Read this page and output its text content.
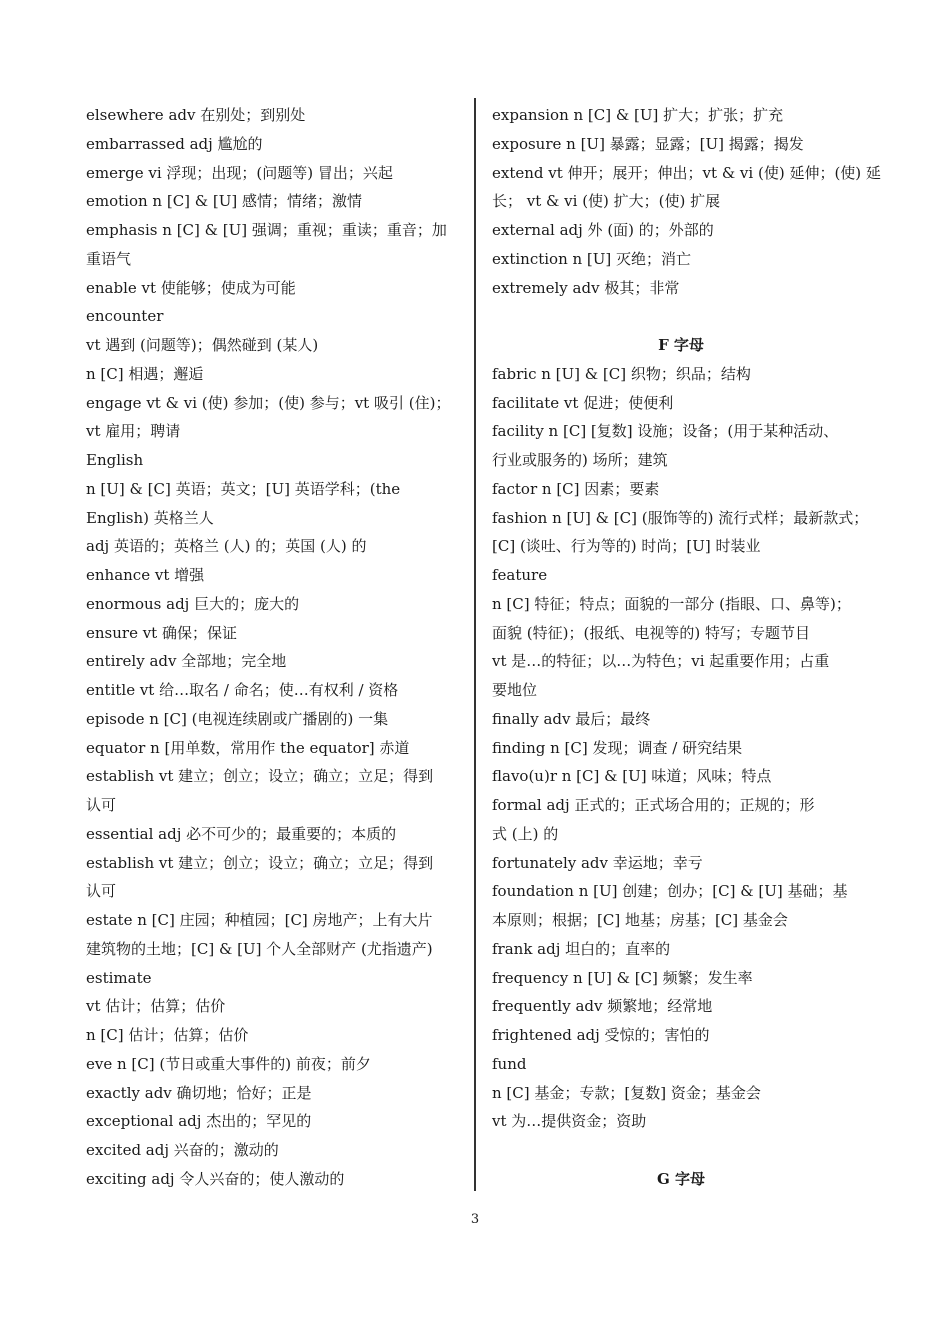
elsewhere adv 在别处；到别处
embarrassed adj 尴尬的
emerge vi 浮现；出现；(问题等) 冒出；兴起
emotion n [C] & [U] 感情；情绪；激情
emphasis n [C] & [U] 强调；重视；重读；重音；加
重语气
enable vt 使能够；使成为可能
encounter
vt 遇到 (问题等)；偶然碰到 (某人)
n [C] 相遇；邂逅
engage vt & vi (使) 参加；(使) 参与；vt 吸引 (住)；
vt 雇用；聘请
English
n [U] & [C] 英语；英文；[U] 英语学科；(the
English) 英格兰人
adj 英语的；英格兰 (人) 的；英国 (人) 的
enhance vt 增强
enormous adj 巨大的；庞大的
ensure vt 确保；保证
entirely adv 全部地；完全地
entitle vt 给…取名 / 命名；使…有权利 / 资格
episode n [C] (电视连续剧或广播剧的) 一集
equator n [用单数，常用作 the equator] 赤道
establish vt 建立；创立；设立；确立；立足；得到
认可
essential adj 必不可少的；最重要的；本质的
establish vt 建立；创立；设立；确立；立足；得到
认可
estate n [C] 庄园；种植园；[C] 房地产；上有大片
建筑物的土地；[C] & [U] 个人全部财产 (尤指遗产)
estimate
vt 估计；估算；估价
n [C] 估计；估算；估价
eve n [C] (节日或重大事件的) 前夜；前夕
exactly adv 确切地；恰好；正是
exceptional adj 杰出的；罕见的
excited adj 兴奋的；激动的
exciting adj 令人兴奋的；使人激动的
expansion n [C] & [U] 扩大；扩张；扩充
exposure n [U] 暴露；显露；[U] 揭露；揭发
extend vt 伸开；展开；伸出；vt & vi (使) 延伸；(使) 延
长； vt & vi (使) 扩大；(使) 扩展
external adj 外 (面) 的；外部的
extinction n [U] 灭绝；消亡
extremely adv 极其；非常
F 字母
fabric n [U] & [C] 织物；织品；结构
facilitate vt 促进；使便利
facility n [C] [复数] 设施；设备；(用于某种活动、
行业或服务的) 场所；建筑
factor n [C] 因素；要素
fashion n [U] & [C] (服饰等的) 流行式样；最新款式；
[C] (谈吐、行为等的) 时尚；[U] 时装业
feature
n [C] 特征；特点；面貌的一部分 (指眼、口、鼻等)；
面貌 (特征)；(报纸、电视等的) 特写；专题节目
vt 是…的特征；以…为特色；vi 起重要作用；占重
要地位
finally adv 最后；最终
finding n [C] 发现；调查 / 研究结果
flavo(u)r n [C] & [U] 味道；风味；特点
formal adj 正式的；正式场合用的；正规的；形
式 (上) 的
fortunately adv 幸运地；幸亏
foundation n [U] 创建；创办；[C] & [U] 基础；基
本原则；根据；[C] 地基；房基；[C] 基金会
frank adj 坦白的；直率的
frequency n [U] & [C] 频繁；发生率
frequently adv 频繁地；经常地
frightened adj 受惊的；害怕的
fund
n [C] 基金；专款；[复数] 资金；基金会
vt 为…提供资金；资助
G 字母
3
